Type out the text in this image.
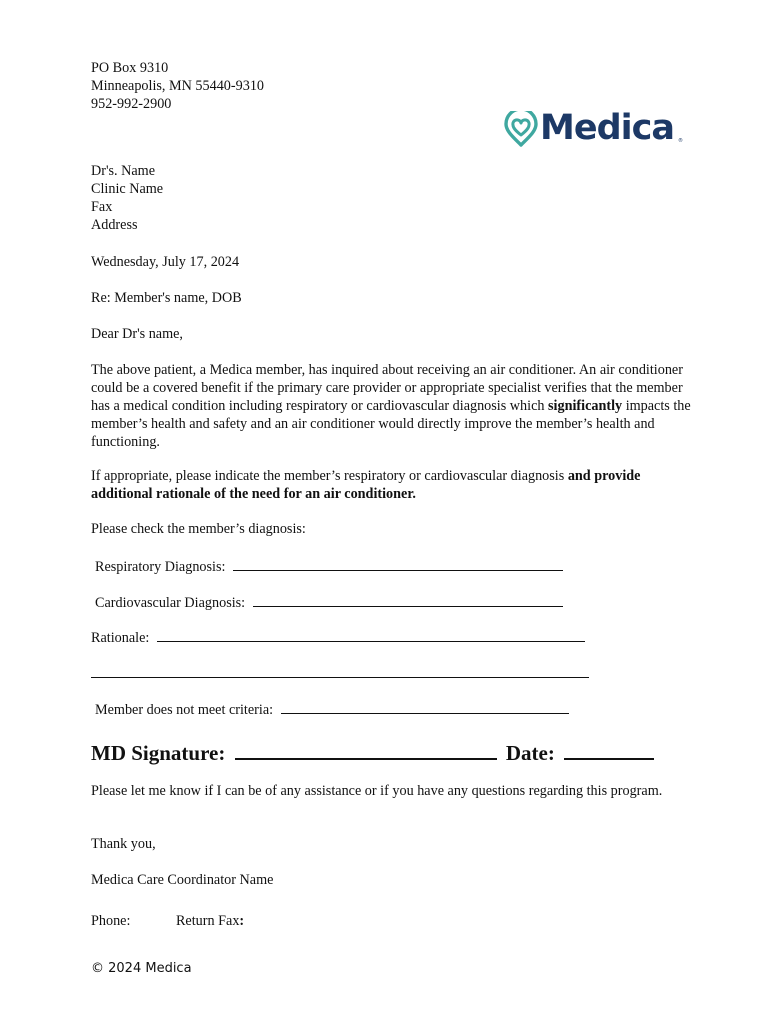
PO Box 9310
Minneapolis, MN 55440-9310
952-992-2900
Medica ®
Dr's. Name
Clinic Name
Fax
Address
Wednesday, July 17, 2024
Re: Member's name, DOB
Dear Dr's name,
The above patient, a Medica member, has inquired about receiving an air conditioner. An air conditioner could be a covered benefit if the primary care provider or appropriate specialist verifies that the member has a medical condition including respiratory or cardiovascular diagnosis which significantly impacts the member’s health and safety and an air conditioner would directly improve the member’s health and functioning.
If appropriate, please indicate the member’s respiratory or cardiovascular diagnosis and provide additional rationale of the need for an air conditioner.
Please check the member’s diagnosis:
Respiratory Diagnosis:
Cardiovascular Diagnosis:
Rationale:
Member does not meet criteria:
MD Signature:	Date:
Please let me know if I can be of any assistance or if you have any questions regarding this program.
Thank you,
Medica Care Coordinator Name
Phone:	Return Fax:
© 2024 Medica
